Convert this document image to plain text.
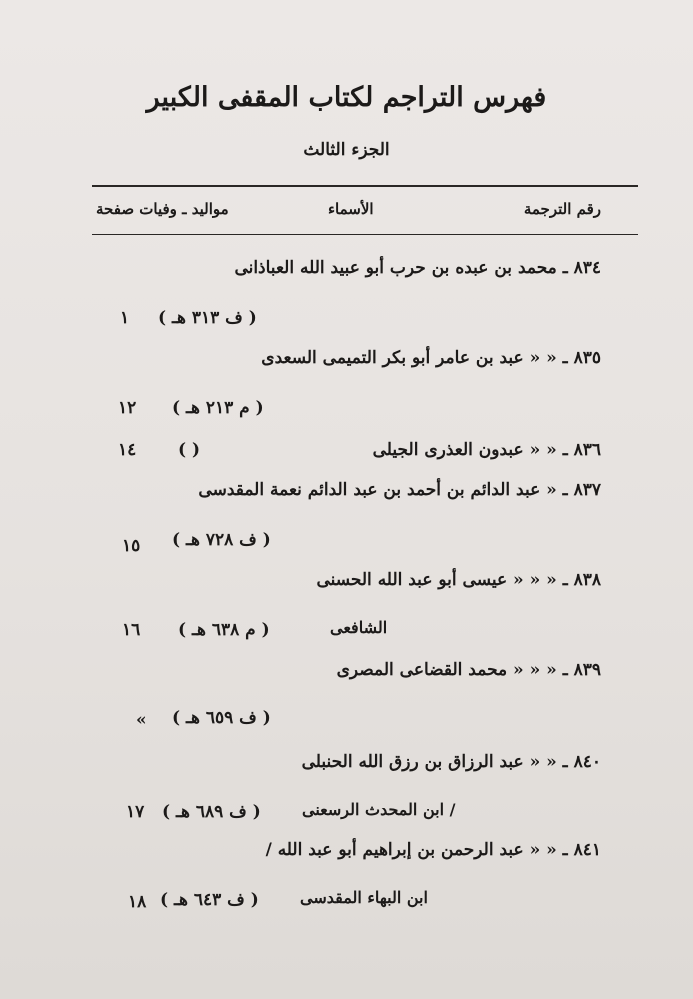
فهرس التراجم لكتاب المقفى الكبير
الجزء الثالث
رقم الترجمة
الأسماء
مواليد ـ وفيات صفحة
٨٣٤ ـ محمد بن عبده بن حرب أبو عبيد الله العباذانى
( ف ٣١٣ هـ )
١
٨٣٥ ـ « « عبد بن عامر أبو بكر التميمى السعدى
( م ٢١٣ هـ )
١٢
٨٣٦ ـ « « عبدون العذرى الجيلى
( )
١٤
٨٣٧ ـ « عبد الدائم بن أحمد بن عبد الدائم نعمة المقدسى
( ف ٧٢٨ هـ )
١٥
٨٣٨ ـ « « « عيسى أبو عبد الله الحسنى
الشافعى
( م ٦٣٨ هـ )
١٦
٨٣٩ ـ « « « محمد القضاعى المصرى
( ف ٦٥٩ هـ )
»
٨٤٠ ـ « « عبد الرزاق بن رزق الله الحنبلى
/ ابن المحدث الرسعنى
( ف ٦٨٩ هـ )
١٧
٨٤١ ـ « « عبد الرحمن بن إبراهيم أبو عبد الله /
ابن البهاء المقدسى
( ف ٦٤٣ هـ )
١٨
